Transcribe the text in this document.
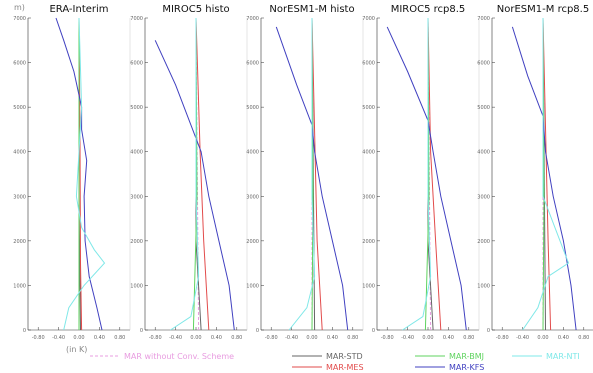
0
1000
2000
3000
4000
5000
6000
7000
-0.80 -0.40 0.00 0.40 0.80
ERA-Interim
0
1000
2000
3000
4000
5000
6000
7000
-0.80 -0.40 0.00 0.40 0.80
MIROC5 histo
0
1000
2000
3000
4000
5000
6000
7000
-0.80 -0.40 0.00 0.40 0.80
NorESM1-M histo
0
1000
2000
3000
4000
5000
6000
7000
-0.80 -0.40 0.00 0.40 0.80
MIROC5 rcp8.5
0
1000
2000
3000
4000
5000
6000
7000
-0.80 -0.40 0.00 0.40 0.80
NorESM1-M rcp8.5
m)
(in K)
MAR without Conv. Scheme	MAR-STD
MAR-MES
MAR-BMJ
MAR-KFS
MAR-NTI
